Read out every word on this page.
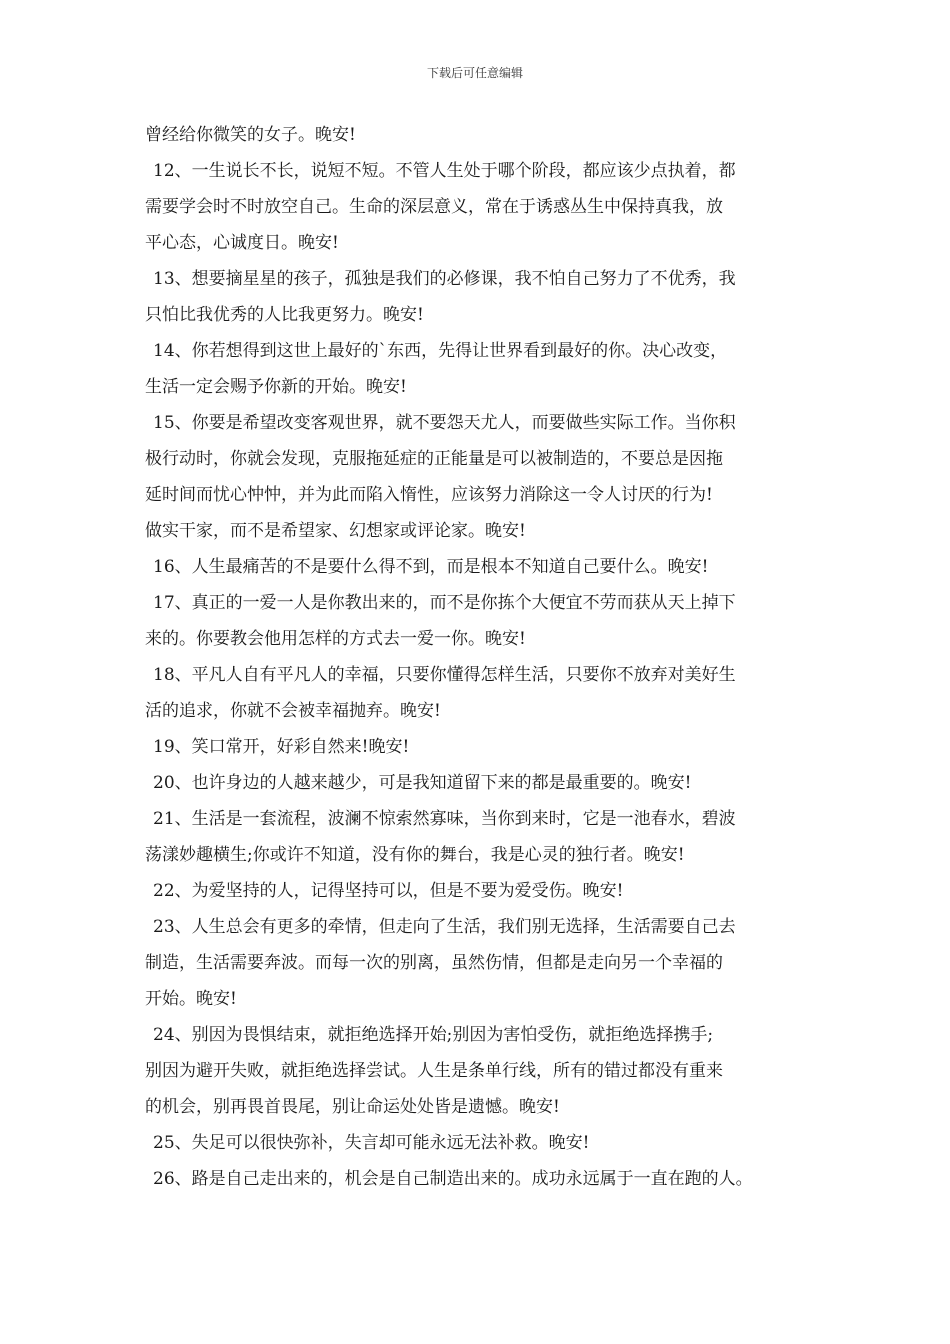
下载后可任意编辑
曾经给你微笑的女子。晚安!
12、一生说长不长，说短不短。不管人生处于哪个阶段，都应该少点执着，都
需要学会时不时放空自己。生命的深层意义，常在于诱惑丛生中保持真我，放
平心态，心诚度日。晚安!
13、想要摘星星的孩子，孤独是我们的必修课，我不怕自己努力了不优秀，我
只怕比我优秀的人比我更努力。晚安!
14、你若想得到这世上最好的`东西，先得让世界看到最好的你。决心改变，
生活一定会赐予你新的开始。晚安!
15、你要是希望改变客观世界，就不要怨天尤人，而要做些实际工作。当你积
极行动时，你就会发现，克服拖延症的正能量是可以被制造的，不要总是因拖
延时间而忧心忡忡，并为此而陷入惰性，应该努力消除这一令人讨厌的行为!
做实干家，而不是希望家、幻想家或评论家。晚安!
16、人生最痛苦的不是要什么得不到，而是根本不知道自己要什么。晚安!
17、真正的一爱一人是你教出来的，而不是你拣个大便宜不劳而获从天上掉下
来的。你要教会他用怎样的方式去一爱一你。晚安!
18、平凡人自有平凡人的幸福，只要你懂得怎样生活，只要你不放弃对美好生
活的追求，你就不会被幸福抛弃。晚安!
19、笑口常开，好彩自然来!晚安!
20、也许身边的人越来越少，可是我知道留下来的都是最重要的。晚安!
21、生活是一套流程，波澜不惊索然寡味，当你到来时，它是一池春水，碧波
荡漾妙趣横生;你或许不知道，没有你的舞台，我是心灵的独行者。晚安!
22、为爱坚持的人，记得坚持可以，但是不要为爱受伤。晚安!
23、人生总会有更多的牵情，但走向了生活，我们别无选择，生活需要自己去
制造，生活需要奔波。而每一次的别离，虽然伤情，但都是走向另一个幸福的
开始。晚安!
24、别因为畏惧结束，就拒绝选择开始;别因为害怕受伤，就拒绝选择携手;
别因为避开失败，就拒绝选择尝试。人生是条单行线，所有的错过都没有重来
的机会，别再畏首畏尾，别让命运处处皆是遗憾。晚安!
25、失足可以很快弥补，失言却可能永远无法补救。晚安!
26、路是自己走出来的，机会是自己制造出来的。成功永远属于一直在跑的人。
